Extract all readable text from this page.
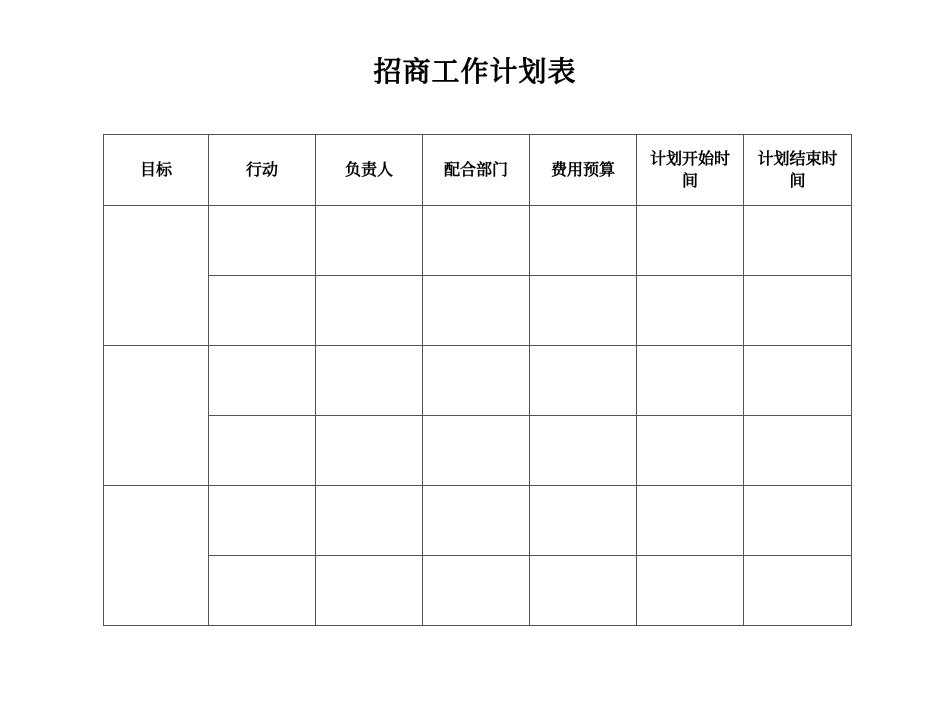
招商工作计划表
目标	行动	负责人	配合部门	费用预算	计划开始时间	计划结束时间
